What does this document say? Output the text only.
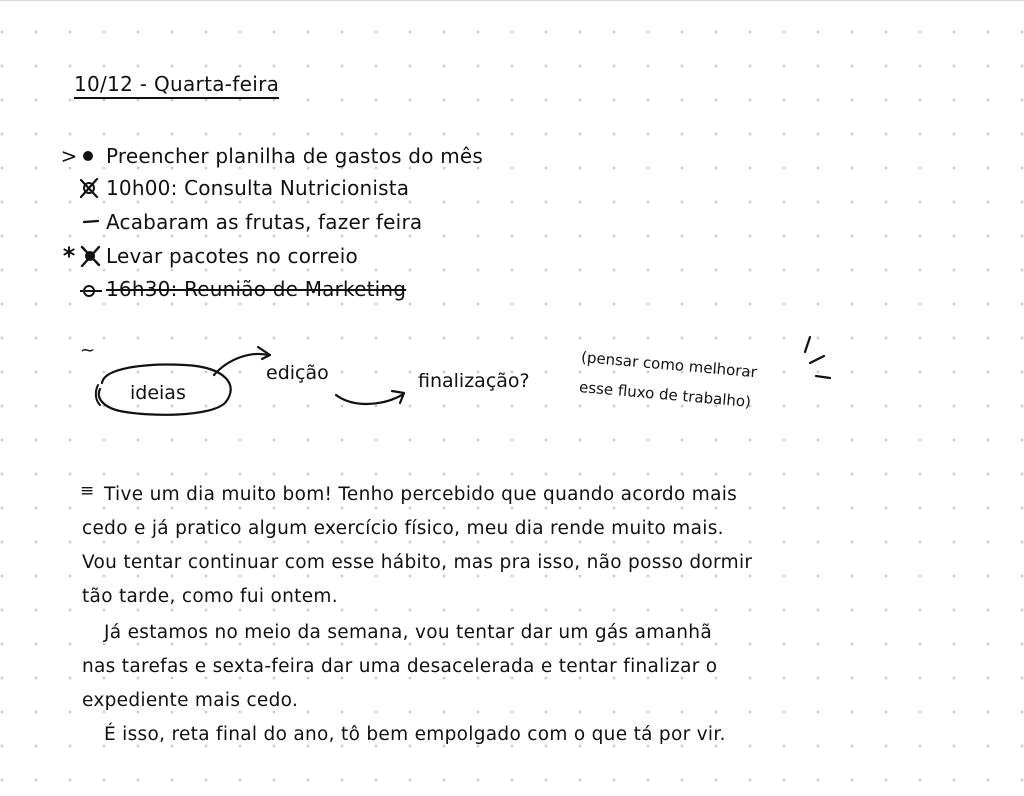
10/12 - Quarta-feira
> Preencher planilha de gastos do mês
10h00: Consulta Nutricionista
Acabaram as frutas, fazer feira
* Levar pacotes no correio
16h30: Reunião de Marketing
~
ideias
edição	finalização?	(pensar como melhorar
esse fluxo de trabalho)
≡ Tive um dia muito bom! Tenho percebido que quando acordo mais
cedo e já pratico algum exercício físico, meu dia rende muito mais.
Vou tentar continuar com esse hábito, mas pra isso, não posso dormir
tão tarde, como fui ontem.
Já estamos no meio da semana, vou tentar dar um gás amanhã
nas tarefas e sexta-feira dar uma desacelerada e tentar finalizar o
expediente mais cedo.
É isso, reta final do ano, tô bem empolgado com o que tá por vir.
